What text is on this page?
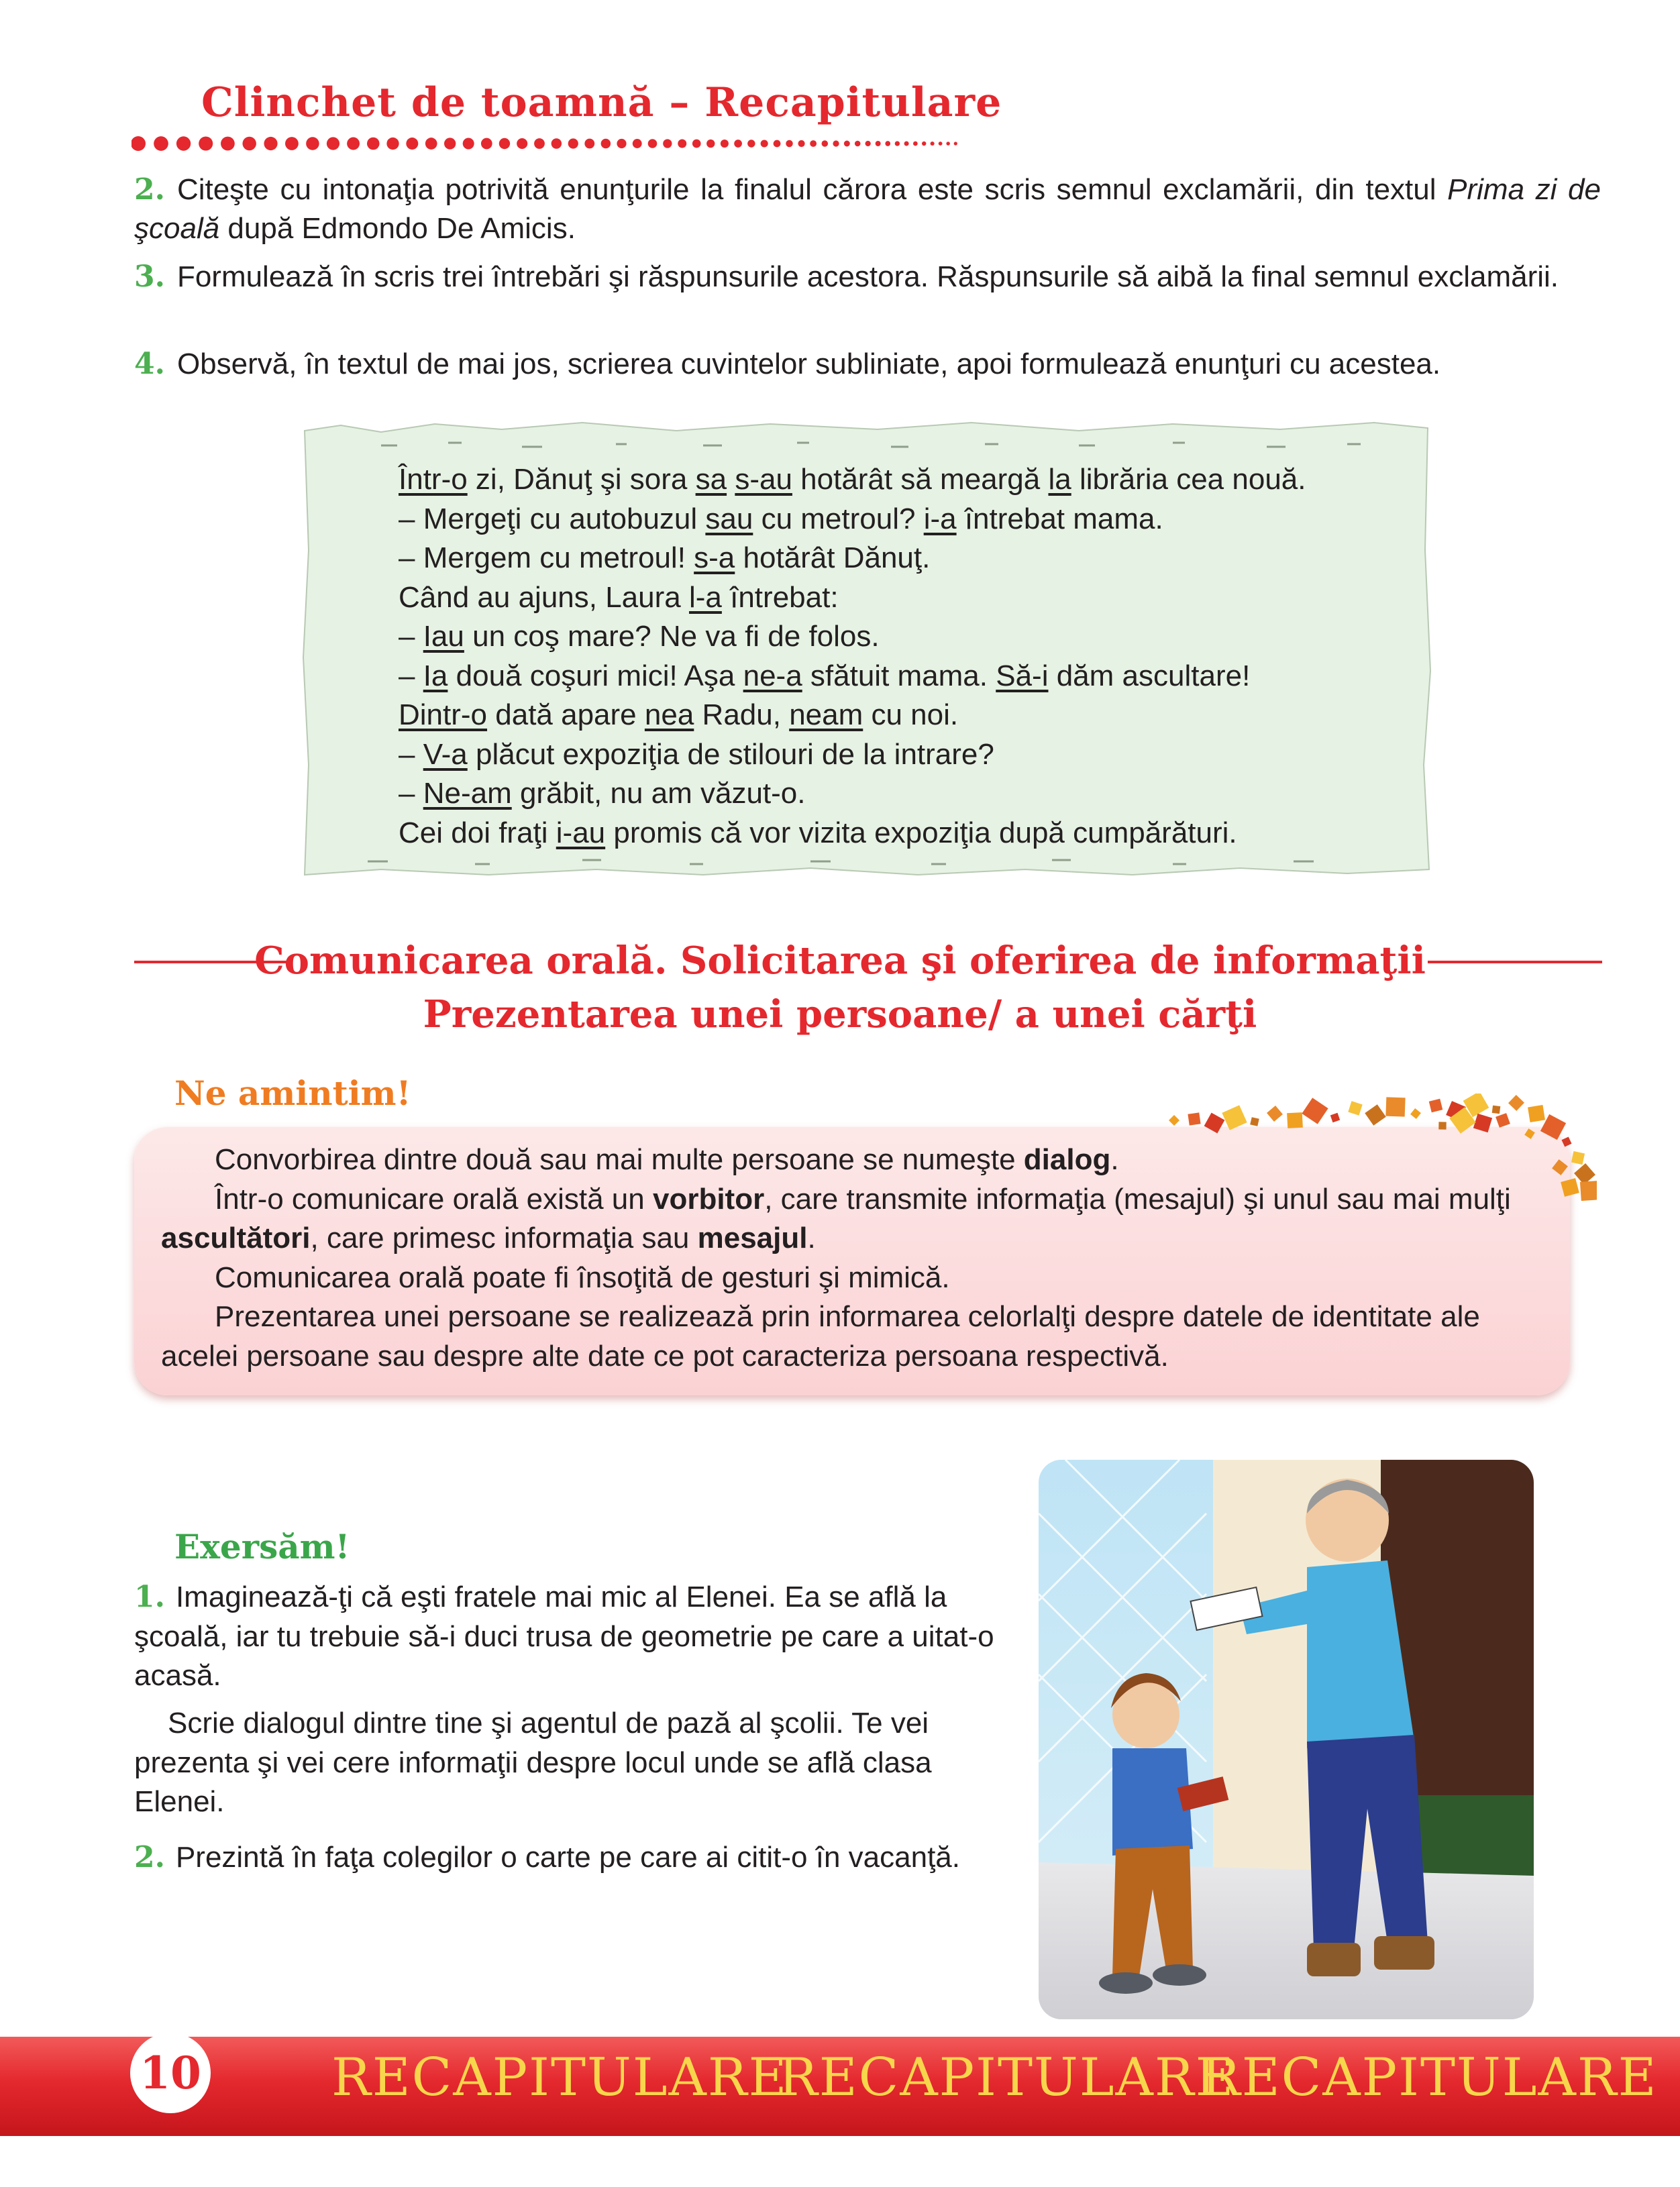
Clinchet de toamnă – Recapitulare
2. Citeşte cu intonaţia potrivită enunţurile la finalul cărora este scris semnul exclamării, din textul Prima zi de şcoală după Edmondo De Amicis.
3. Formulează în scris trei întrebări şi răspunsurile acestora. Răspunsurile să aibă la final semnul exclamării.
4. Observă, în textul de mai jos, scrierea cuvintelor subliniate, apoi formulează enunţuri cu acestea.
Într-o zi, Dănuţ şi sora sa s-au hotărât să meargă la librăria cea nouă.
– Mergeţi cu autobuzul sau cu metroul? i-a întrebat mama.
– Mergem cu metroul! s-a hotărât Dănuţ.
Când au ajuns, Laura l-a întrebat:
– Iau un coş mare? Ne va fi de folos.
– Ia două coşuri mici! Aşa ne-a sfătuit mama. Să-i dăm ascultare!
Dintr-o dată apare nea Radu, neam cu noi.
– V-a plăcut expoziţia de stilouri de la intrare?
– Ne-am grăbit, nu am văzut-o.
Cei doi fraţi i-au promis că vor vizita expoziţia după cumpărături.
Comunicarea orală. Solicitarea şi oferirea de informaţii
Prezentarea unei persoane/ a unei cărţi
Ne amintim!

Convorbirea dintre două sau mai multe persoane se numeşte dialog.

Într-o comunicare orală există un vorbitor, care transmite informaţia (mesajul) şi unul sau mai mulţi ascultători, care primesc informaţia sau mesajul.

Comunicarea orală poate fi însoţită de gesturi şi mimică.

Prezentarea unei persoane se realizează prin informarea celorlalţi despre datele de identitate ale acelei persoane sau despre alte date ce pot caracteriza persoana respectivă.

Exersăm!
1. Imaginează-ţi că eşti fratele mai mic al Elenei. Ea se află la şcoală, iar tu trebuie să-i duci trusa de geometrie pe care a uitat-o acasă.
Scrie dialogul dintre tine şi agentul de pază al şcolii. Te vei prezenta şi vei cere informaţii despre locul unde se află clasa Elenei.
2. Prezintă în faţa colegilor o carte pe care ai citit-o în vacanţă.
10 RECAPITULARE
RECAPITULARE
RECAPITULARE
